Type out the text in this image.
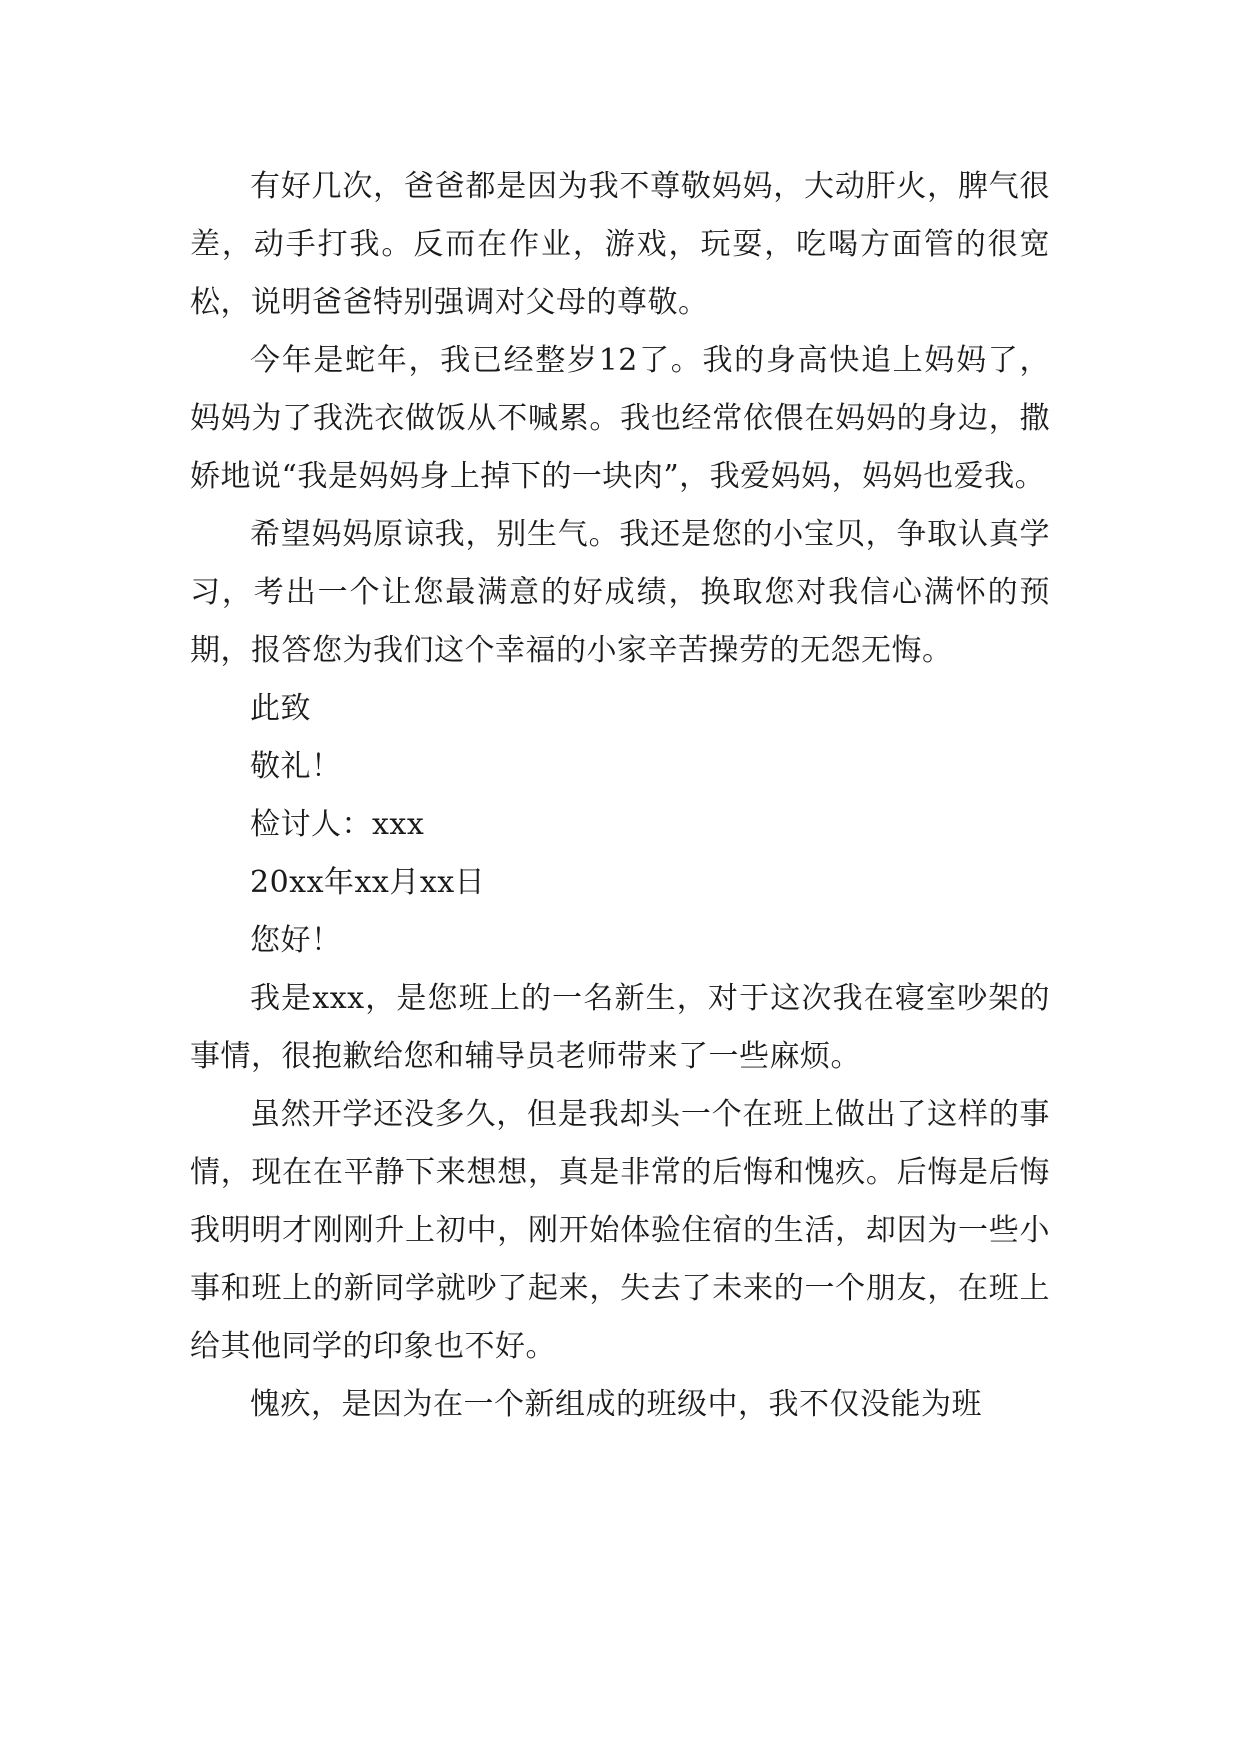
有好几次，爸爸都是因为我不尊敬妈妈，大动肝火，脾气很差，动手打我。反而在作业，游戏，玩耍，吃喝方面管的很宽松，说明爸爸特别强调对父母的尊敬。

今年是蛇年，我已经整岁12了。我的身高快追上妈妈了，妈妈为了我洗衣做饭从不喊累。我也经常依偎在妈妈的身边，撒娇地说“我是妈妈身上掉下的一块肉”，我爱妈妈，妈妈也爱我。

希望妈妈原谅我，别生气。我还是您的小宝贝，争取认真学习，考出一个让您最满意的好成绩，换取您对我信心满怀的预期，报答您为我们这个幸福的小家辛苦操劳的无怨无悔。

此致

敬礼！

检讨人：xxx

20xx年xx月xx日

您好！

我是xxx，是您班上的一名新生，对于这次我在寝室吵架的事情，很抱歉给您和辅导员老师带来了一些麻烦。

虽然开学还没多久，但是我却头一个在班上做出了这样的事情，现在在平静下来想想，真是非常的后悔和愧疚。后悔是后悔我明明才刚刚升上初中，刚开始体验住宿的生活，却因为一些小事和班上的新同学就吵了起来，失去了未来的一个朋友，在班上给其他同学的印象也不好。

愧疚，是因为在一个新组成的班级中，我不仅没能为班
